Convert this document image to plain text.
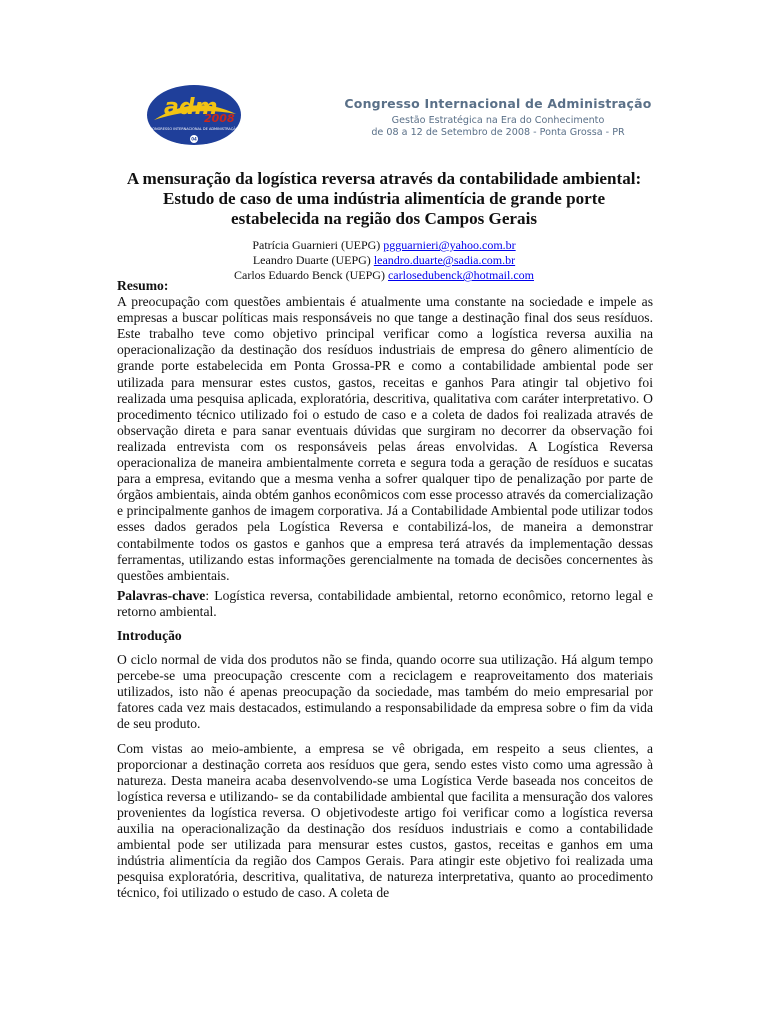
adm
2008
CONGRESSO INTERNACIONAL DE ADMINISTRAÇÃO
04
Congresso Internacional de Administração
Gestão Estratégica na Era do Conhecimento
de 08 a 12 de Setembro de 2008 - Ponta Grossa - PR
A mensuração da logística reversa através da contabilidade ambiental:
Estudo de caso de uma indústria alimentícia de grande porte
estabelecida na região dos Campos Gerais
Patrícia Guarnieri (UEPG) pgguarnieri@yahoo.com.br
Leandro Duarte (UEPG) leandro.duarte@sadia.com.br
Carlos Eduardo Benck (UEPG) carlosedubenck@hotmail.com
Resumo:

A preocupação com questões ambientais é atualmente uma constante na sociedade e impele as empresas a buscar políticas mais responsáveis no que tange a destinação final dos seus resíduos. Este trabalho teve como objetivo principal verificar como a logística reversa auxilia na operacionalização da destinação dos resíduos industriais de empresa do gênero alimentício de grande porte estabelecida em Ponta Grossa-PR e como a contabilidade ambiental pode ser utilizada para mensurar estes custos, gastos, receitas e ganhos Para atingir tal objetivo foi realizada uma pesquisa aplicada, exploratória, descritiva, qualitativa com caráter interpretativo. O procedimento técnico utilizado foi o estudo de caso e a coleta de dados foi realizada através de observação direta e para sanar eventuais dúvidas que surgiram no decorrer da observação foi realizada entrevista com os responsáveis pelas áreas envolvidas. A Logística Reversa operacionaliza de maneira ambientalmente correta e segura toda a geração de resíduos e sucatas para a empresa, evitando que a mesma venha a sofrer qualquer tipo de penalização por parte de órgãos ambientais, ainda obtém ganhos econômicos com esse processo através da comercialização e principalmente ganhos de imagem corporativa. Já a Contabilidade Ambiental pode utilizar todos esses dados gerados pela Logística Reversa e contabilizá-los, de maneira a demonstrar contabilmente todos os gastos e ganhos que a empresa terá através da implementação dessas ferramentas, utilizando estas informações gerencialmente na tomada de decisões concernentes às questões ambientais.

Palavras-chave: Logística reversa, contabilidade ambiental, retorno econômico, retorno legal e retorno ambiental.

Introdução

O ciclo normal de vida dos produtos não se finda, quando ocorre sua utilização. Há algum tempo percebe-se uma preocupação crescente com a reciclagem e reaproveitamento dos materiais utilizados, isto não é apenas preocupação da sociedade, mas também do meio empresarial por fatores cada vez mais destacados, estimulando a responsabilidade da empresa sobre o fim da vida de seu produto.

Com vistas ao meio-ambiente, a empresa se vê obrigada, em respeito a seus clientes, a proporcionar a destinação correta aos resíduos que gera, sendo estes visto como uma agressão à natureza. Desta maneira acaba desenvolvendo-se uma Logística Verde baseada nos conceitos de logística reversa e utilizando- se da contabilidade ambiental que facilita a mensuração dos valores provenientes da logística reversa. O objetivodeste artigo foi verificar como a logística reversa auxilia na operacionalização da destinação dos resíduos industriais e como a contabilidade ambiental pode ser utilizada para mensurar estes custos, gastos, receitas e ganhos em uma indústria alimentícia da região dos Campos Gerais. Para atingir este objetivo foi realizada uma pesquisa exploratória, descritiva, qualitativa, de natureza interpretativa, quanto ao procedimento técnico, foi utilizado o estudo de caso. A coleta de
